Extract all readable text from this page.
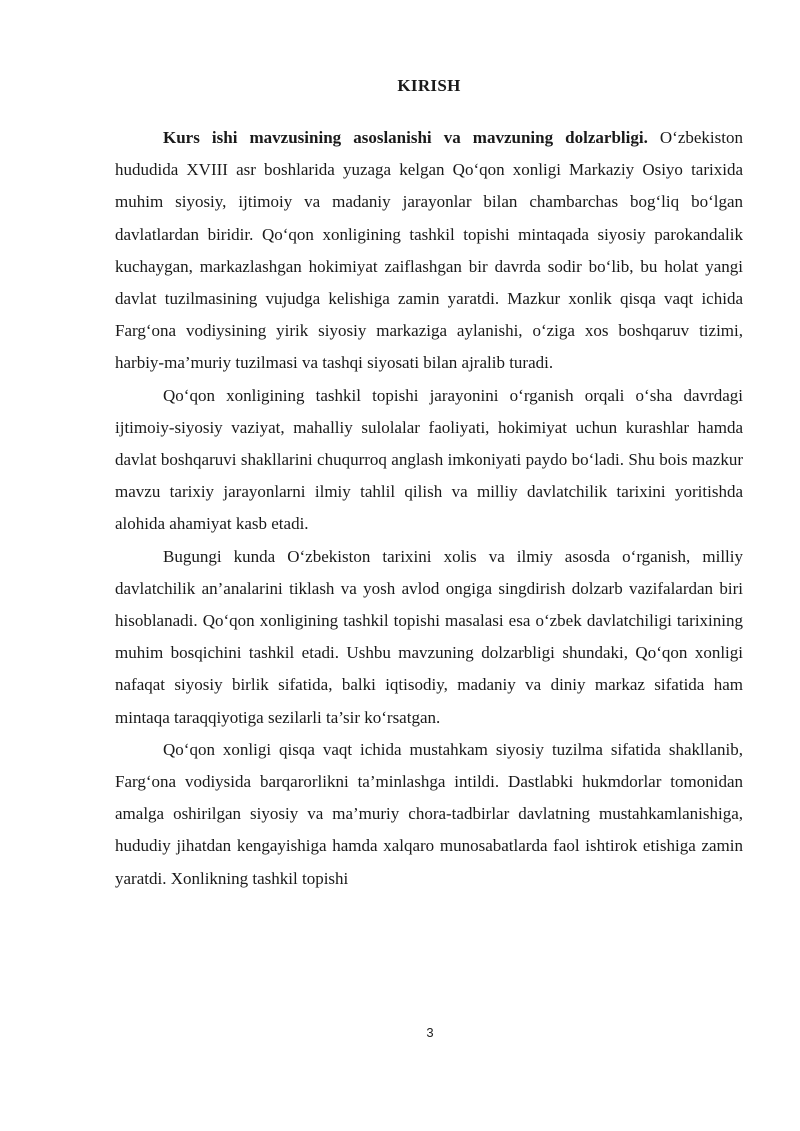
KIRISH

Kurs ishi mavzusining asoslanishi va mavzuning dolzarbligi. O‘zbekiston hududida XVIII asr boshlarida yuzaga kelgan Qo‘qon xonligi Markaziy Osiyo tarixida muhim siyosiy, ijtimoiy va madaniy jarayonlar bilan chambarchas bog‘liq bo‘lgan davlatlardan biridir. Qo‘qon xonligining tashkil topishi mintaqada siyosiy parokandalik kuchaygan, markazlashgan hokimiyat zaiflashgan bir davrda sodir bo‘lib, bu holat yangi davlat tuzilmasining vujudga kelishiga zamin yaratdi. Mazkur xonlik qisqa vaqt ichida Farg‘ona vodiysining yirik siyosiy markaziga aylanishi, o‘ziga xos boshqaruv tizimi, harbiy-ma’muriy tuzilmasi va tashqi siyosati bilan ajralib turadi.

Qo‘qon xonligining tashkil topishi jarayonini o‘rganish orqali o‘sha davrdagi ijtimoiy-siyosiy vaziyat, mahalliy sulolalar faoliyati, hokimiyat uchun kurashlar hamda davlat boshqaruvi shakllarini chuqurroq anglash imkoniyati paydo bo‘ladi. Shu bois mazkur mavzu tarixiy jarayonlarni ilmiy tahlil qilish va milliy davlatchilik tarixini yoritishda alohida ahamiyat kasb etadi.

Bugungi kunda O‘zbekiston tarixini xolis va ilmiy asosda o‘rganish, milliy davlatchilik an’analarini tiklash va yosh avlod ongiga singdirish dolzarb vazifalardan biri hisoblanadi. Qo‘qon xonligining tashkil topishi masalasi esa o‘zbek davlatchiligi tarixining muhim bosqichini tashkil etadi. Ushbu mavzuning dolzarbligi shundaki, Qo‘qon xonligi nafaqat siyosiy birlik sifatida, balki iqtisodiy, madaniy va diniy markaz sifatida ham mintaqa taraqqiyotiga sezilarli ta’sir ko‘rsatgan.

Qo‘qon xonligi qisqa vaqt ichida mustahkam siyosiy tuzilma sifatida shakllanib, Farg‘ona vodiysida barqarorlikni ta’minlashga intildi. Dastlabki hukmdorlar tomonidan amalga oshirilgan siyosiy va ma’muriy chora-tadbirlar davlatning mustahkamlanishiga, hududiy jihatdan kengayishiga hamda xalqaro munosabatlarda faol ishtirok etishiga zamin yaratdi. Xonlikning tashkil topishi

3
